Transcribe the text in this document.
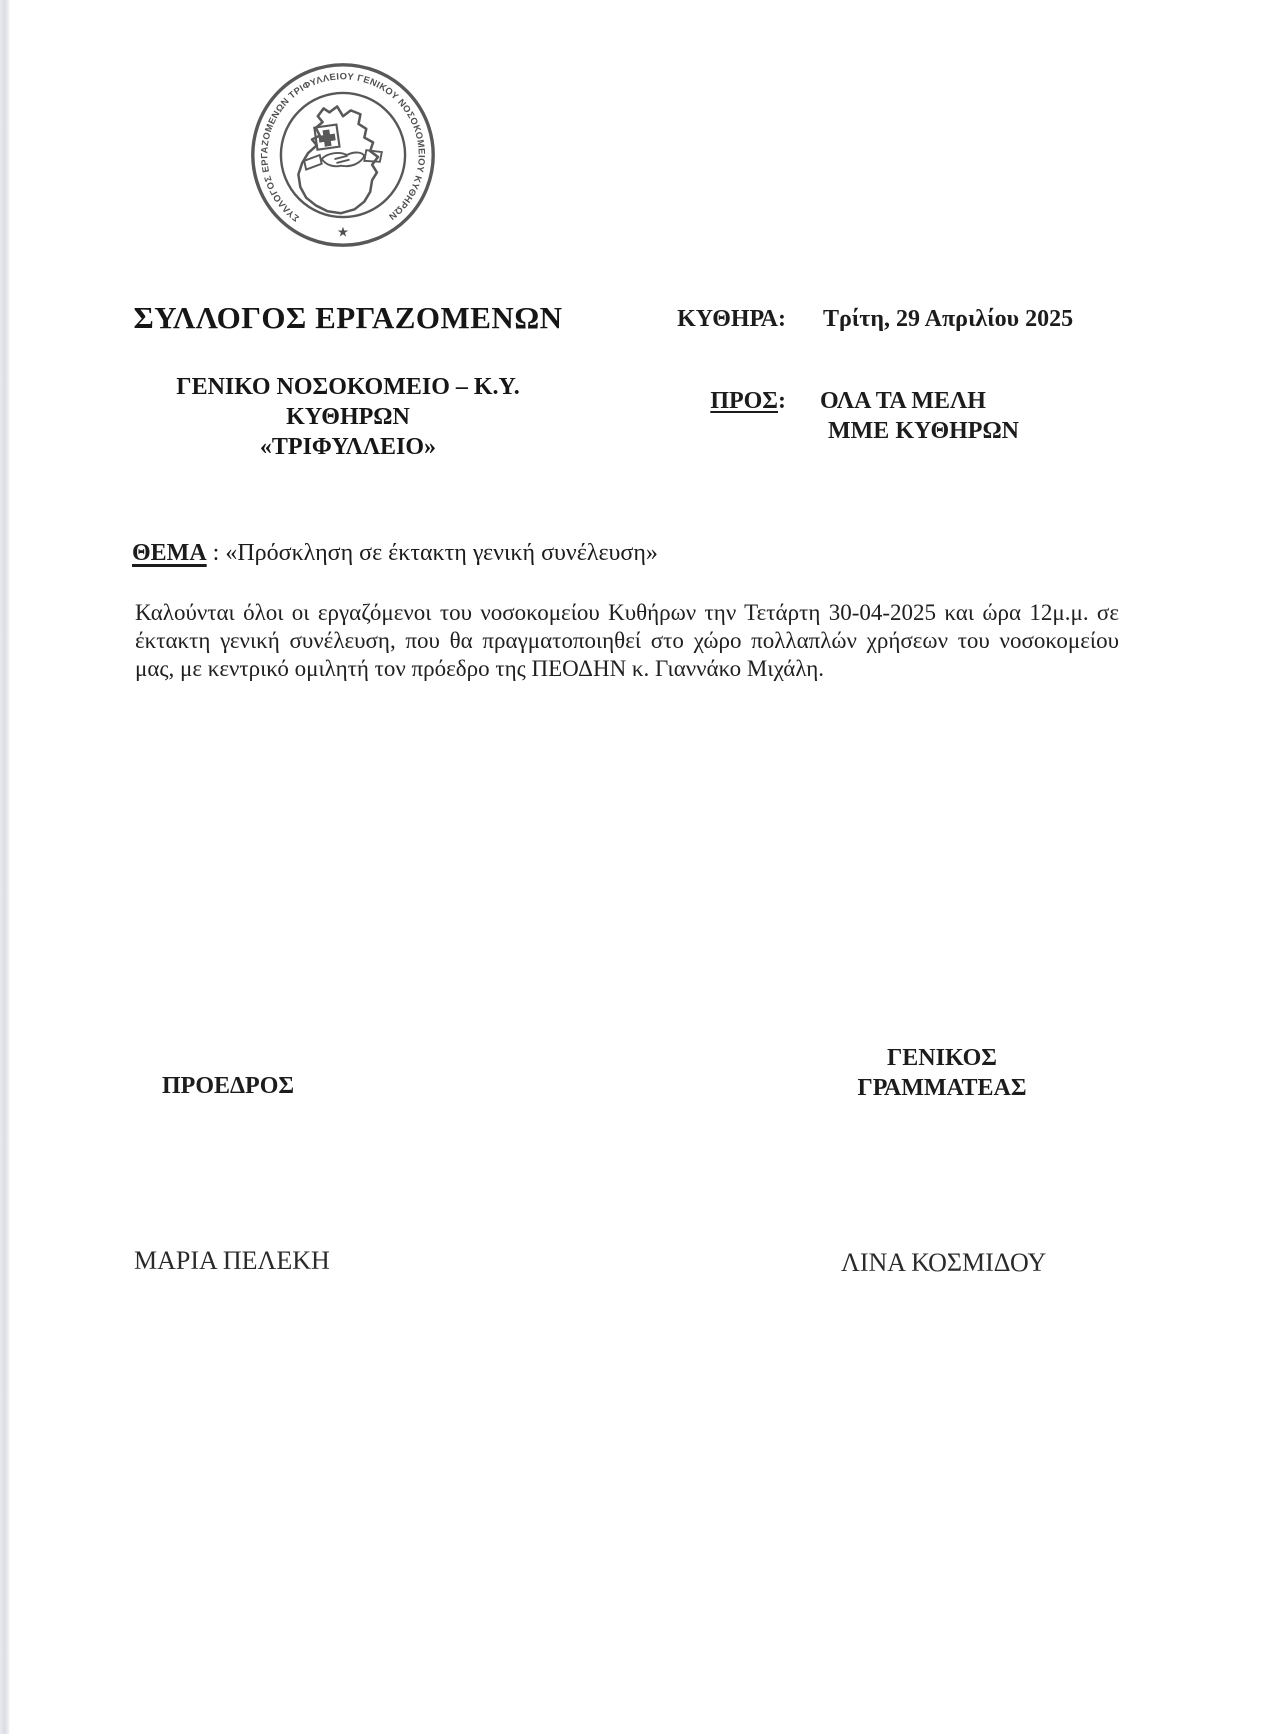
ΣΥΛΛΟΓΟΣ ΕΡΓΑΖΟΜΕΝΩΝ ΤΡΙΦΥΛΛΕΙΟΥ ΓΕΝΙΚΟΥ ΝΟΣΟΚΟΜΕΙΟΥ ΚΥΘΗΡΩΝ
★
ΣΥΛΛΟΓΟΣ ΕΡΓΑΖΟΜΕΝΩΝ
ΓΕΝΙΚΟ ΝΟΣΟΚΟΜΕΙΟ – Κ.Υ. ΚΥΘΗΡΩΝ
«ΤΡΙΦΥΛΛΕΙΟ»
ΚΥΘΗΡΑ: Τρίτη, 29 Απριλίου 2025
ΠΡΟΣ: ΟΛΑ ΤΑ ΜΕΛΗ
ΜΜΕ ΚΥΘΗΡΩΝ
ΘΕΜΑ : «Πρόσκληση σε έκτακτη γενική συνέλευση»
Καλούνται όλοι οι εργαζόμενοι του νοσοκομείου Κυθήρων την Τετάρτη 30-04-2025 και ώρα 12μ.μ. σε έκτακτη γενική συνέλευση, που θα πραγματοποιηθεί στο χώρο πολλαπλών χρήσεων του νοσοκομείου μας, με κεντρικό ομιλητή τον πρόεδρο της ΠΕΟΔΗΝ κ. Γιαννάκο Μιχάλη.
ΓΕΝΙΚΟΣ
ΓΡΑΜΜΑΤΕΑΣ
ΠΡΟΕΔΡΟΣ
ΜΑΡΙΑ ΠΕΛΕΚΗ	ΛΙΝΑ ΚΟΣΜΙΔΟΥ
